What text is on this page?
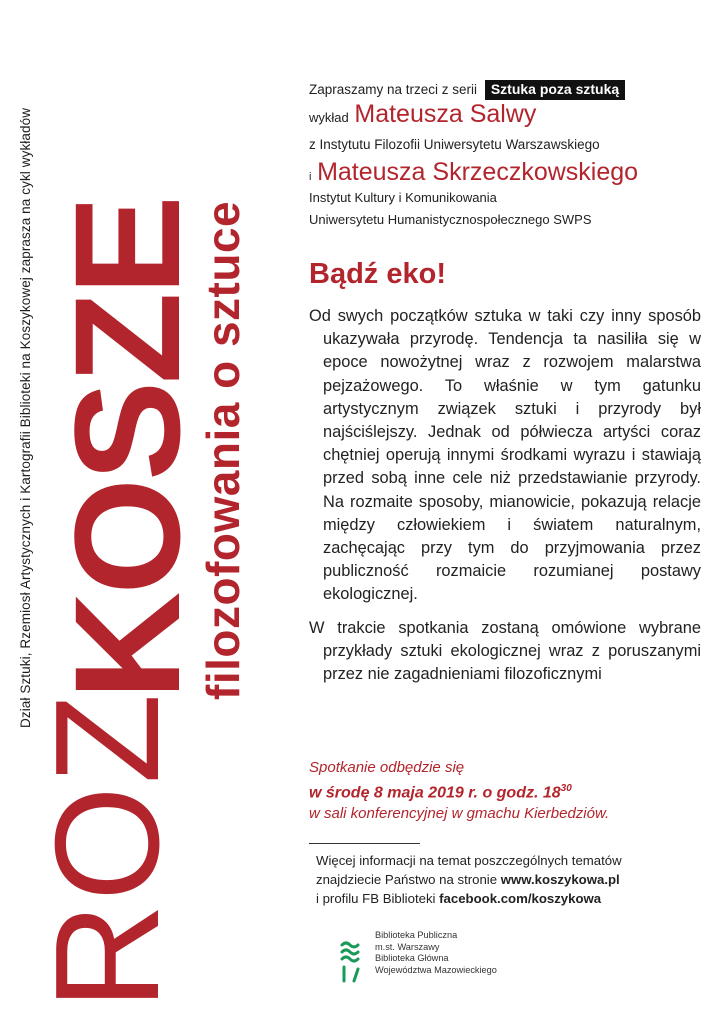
Dział Sztuki, Rzemiosł Artystycznych i Kartografii Biblioteki na Koszykowej zaprasza na cykl wykładów
ROZ
KOSZE
filozofowania o sztuce
Zapraszamy na trzeci z serii Sztuka poza sztuką
wykład Mateusza Salwy
z Instytutu Filozofii Uniwersytetu Warszawskiego
i Mateusza Skrzeczkowskiego
Instytut Kultury i Komunikowania
Uniwersytetu Humanistycznospołecznego SWPS
Bądź eko!
Od swych początków sztuka w taki czy inny sposób ukazywała przyrodę. Tendencja ta nasiliła się w epoce nowożytnej wraz z rozwojem malarstwa pejzażowego. To właśnie w tym gatunku artystycznym związek sztuki i przyrody był najściślejszy. Jednak od półwiecza artyści coraz chętniej operują innymi środkami wyrazu i stawiają przed sobą inne cele niż przedstawianie przyrody. Na rozmaite sposoby, mianowicie, pokazują relacje między człowiekiem i światem naturalnym, zachęcając przy tym do przyjmowania przez publiczność rozmaicie rozumianej postawy ekologicznej.
W trakcie spotkania zostaną omówione wybrane przykłady sztuki ekologicznej wraz z poruszanymi przez nie zagadnieniami filozoficznymi
Spotkanie odbędzie się
w środę 8 maja 2019 r. o godz. $18^{30}$
w sali konferencyjnej w gmachu Kierbedziów.
Więcej informacji na temat poszczególnych tematów
znajdziecie Państwo na stronie www.koszykowa.pl
i profilu FB Biblioteki facebook.com/koszykowa
Biblioteka Publiczna
m.st. Warszawy
Biblioteka Główna
Województwa Mazowieckiego
